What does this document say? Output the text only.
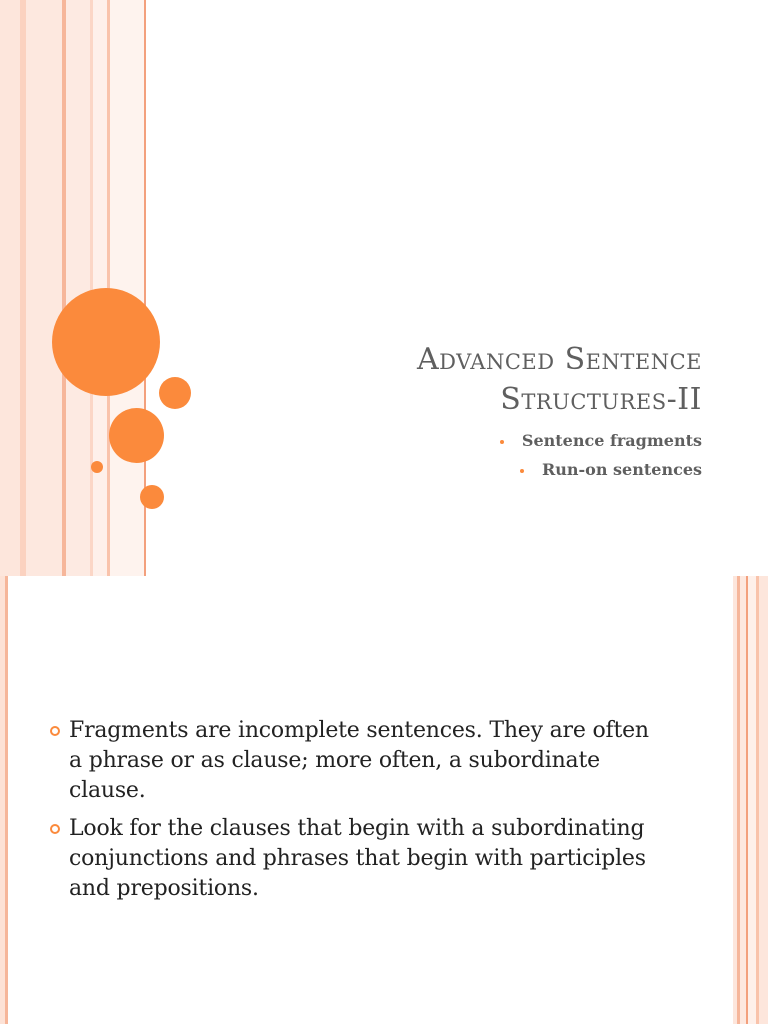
Advanced Sentence
Structures-II
Sentence fragments
Run-on sentences
Fragments are incomplete sentences. They are often a phrase or as clause; more often, a subordinate clause.
Look for the clauses that begin with a subordinating conjunctions and phrases that begin with participles and prepositions.
